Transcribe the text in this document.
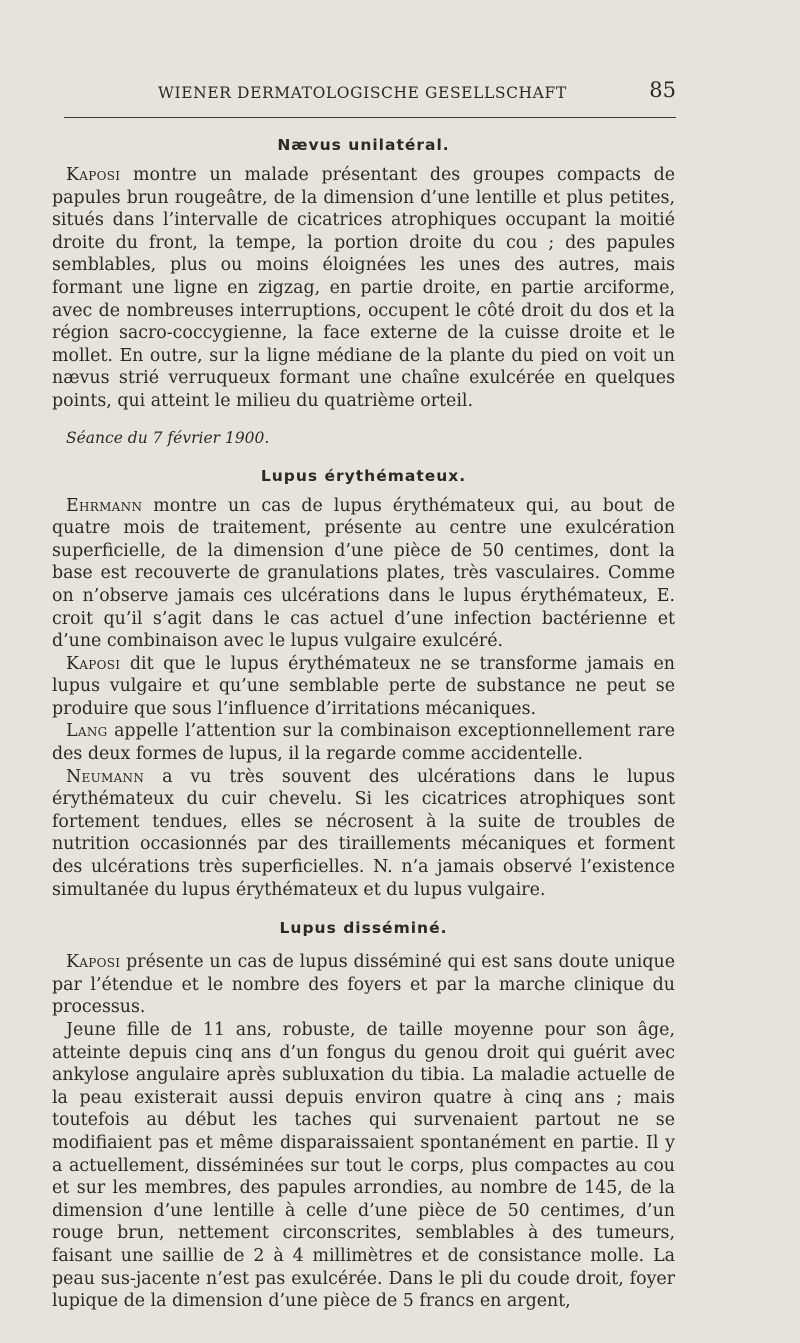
WIENER DERMATOLOGISCHE GESELLSCHAFT	85
Nævus unilatéral.

Kaposi montre un malade présentant des groupes compacts de papules brun rougeâtre, de la dimension d’une lentille et plus petites, situés dans l’intervalle de cicatrices atrophiques occupant la moitié droite du front, la tempe, la portion droite du cou ; des papules semblables, plus ou moins éloignées les unes des autres, mais formant une ligne en zigzag, en partie droite, en partie arciforme, avec de nombreuses interruptions, occupent le côté droit du dos et la région sacro-coccygienne, la face externe de la cuisse droite et le mollet. En outre, sur la ligne médiane de la plante du pied on voit un nævus strié verruqueux formant une chaîne exulcérée en quelques points, qui atteint le milieu du quatrième orteil.

Séance du 7 février 1900.

Lupus érythémateux.

Ehrmann montre un cas de lupus érythémateux qui, au bout de quatre mois de traitement, présente au centre une exulcération superficielle, de la dimension d’une pièce de 50 centimes, dont la base est recouverte de granulations plates, très vasculaires. Comme on n’observe jamais ces ulcérations dans le lupus érythémateux, E. croit qu’il s’agit dans le cas actuel d’une infection bactérienne et d’une combinaison avec le lupus vulgaire exulcéré.

Kaposi dit que le lupus érythémateux ne se transforme jamais en lupus vulgaire et qu’une semblable perte de substance ne peut se produire que sous l’influence d’irritations mécaniques.

Lang appelle l’attention sur la combinaison exceptionnellement rare des deux formes de lupus, il la regarde comme accidentelle.

Neumann a vu très souvent des ulcérations dans le lupus érythémateux du cuir chevelu. Si les cicatrices atrophiques sont fortement tendues, elles se nécrosent à la suite de troubles de nutrition occasionnés par des tiraillements mécaniques et forment des ulcérations très superficielles. N. n’a jamais observé l’existence simultanée du lupus érythémateux et du lupus vulgaire.

Lupus disséminé.

Kaposi présente un cas de lupus disséminé qui est sans doute unique par l’étendue et le nombre des foyers et par la marche clinique du processus.

Jeune fille de 11 ans, robuste, de taille moyenne pour son âge, atteinte depuis cinq ans d’un fongus du genou droit qui guérit avec ankylose angulaire après subluxation du tibia. La maladie actuelle de la peau existerait aussi depuis environ quatre à cinq ans ; mais toutefois au début les taches qui survenaient partout ne se modifiaient pas et même disparaissaient spontanément en partie. Il y a actuellement, disséminées sur tout le corps, plus compactes au cou et sur les membres, des papules arrondies, au nombre de 145, de la dimension d’une lentille à celle d’une pièce de 50 centimes, d’un rouge brun, nettement circonscrites, semblables à des tumeurs, faisant une saillie de 2 à 4 millimètres et de consistance molle. La peau sus-jacente n’est pas exulcérée. Dans le pli du coude droit, foyer lupique de la dimension d’une pièce de 5 francs en argent,
